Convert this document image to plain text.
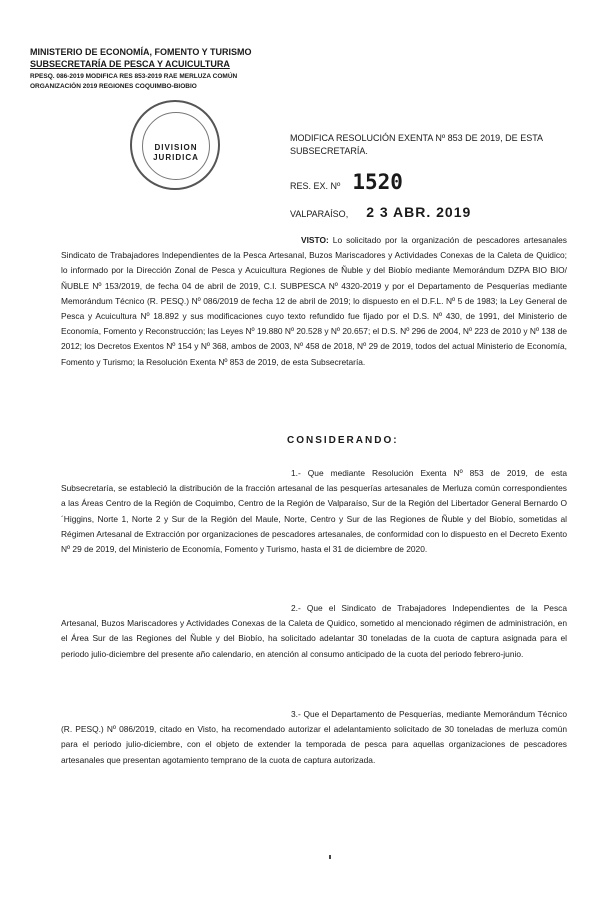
MINISTERIO DE ECONOMÍA, FOMENTO Y TURISMO
SUBSECRETARÍA DE PESCA Y ACUICULTURA
RPESQ. 086-2019 MODIFICA RES 853-2019 RAE MERLUZA COMÚN
ORGANIZACIÓN 2019 REGIONES COQUIMBO-BIOBIO
DIVISION
JURIDICA
MODIFICA RESOLUCIÓN EXENTA Nº 853 DE 2019, DE ESTA SUBSECRETARÍA.
RES. EX. Nº 1520
VALPARAÍSO, 2 3 ABR. 2019
VISTO: Lo solicitado por la organización de pescadores artesanales Sindicato de Trabajadores Independientes de la Pesca Artesanal, Buzos Mariscadores y Actividades Conexas de la Caleta de Quidico; lo informado por la Dirección Zonal de Pesca y Acuicultura Regiones de Ñuble y del Biobío mediante Memorándum DZPA BIO BIO/ÑUBLE Nº 153/2019, de fecha 04 de abril de 2019, C.I. SUBPESCA Nº 4320-2019 y por el Departamento de Pesquerías mediante Memorándum Técnico (R. PESQ.) Nº 086/2019 de fecha 12 de abril de 2019; lo dispuesto en el D.F.L. Nº 5 de 1983; la Ley General de Pesca y Acuicultura Nº 18.892 y sus modificaciones cuyo texto refundido fue fijado por el D.S. Nº 430, de 1991, del Ministerio de Economía, Fomento y Reconstrucción; las Leyes Nº 19.880 Nº 20.528 y Nº 20.657; el D.S. Nº 296 de 2004, Nº 223 de 2010 y Nº 138 de 2012; los Decretos Exentos Nº 154 y Nº 368, ambos de 2003, Nº 458 de 2018, Nº 29 de 2019, todos del actual Ministerio de Economía, Fomento y Turismo; la Resolución Exenta Nº 853 de 2019, de esta Subsecretaría.
CONSIDERANDO:
1.- Que mediante Resolución Exenta Nº 853 de 2019, de esta Subsecretaría, se estableció la distribución de la fracción artesanal de las pesquerías artesanales de Merluza común correspondientes a las Áreas Centro de la Región de Coquimbo, Centro de la Región de Valparaíso, Sur de la Región del Libertador General Bernardo O´Higgins, Norte 1, Norte 2 y Sur de la Región del Maule, Norte, Centro y Sur de las Regiones de Ñuble y del Biobío, sometidas al Régimen Artesanal de Extracción por organizaciones de pescadores artesanales, de conformidad con lo dispuesto en el Decreto Exento Nº 29 de 2019, del Ministerio de Economía, Fomento y Turismo, hasta el 31 de diciembre de 2020.
2.- Que el Sindicato de Trabajadores Independientes de la Pesca Artesanal, Buzos Mariscadores y Actividades Conexas de la Caleta de Quidico, sometido al mencionado régimen de administración, en el Área Sur de las Regiones del Ñuble y del Biobío, ha solicitado adelantar 30 toneladas de la cuota de captura asignada para el periodo julio-diciembre del presente año calendario, en atención al consumo anticipado de la cuota del periodo febrero-junio.
3.- Que el Departamento de Pesquerías, mediante Memorándum Técnico (R. PESQ.) Nº 086/2019, citado en Visto, ha recomendado autorizar el adelantamiento solicitado de 30 toneladas de merluza común para el periodo julio-diciembre, con el objeto de extender la temporada de pesca para aquellas organizaciones de pescadores artesanales que presentan agotamiento temprano de la cuota de captura autorizada.
